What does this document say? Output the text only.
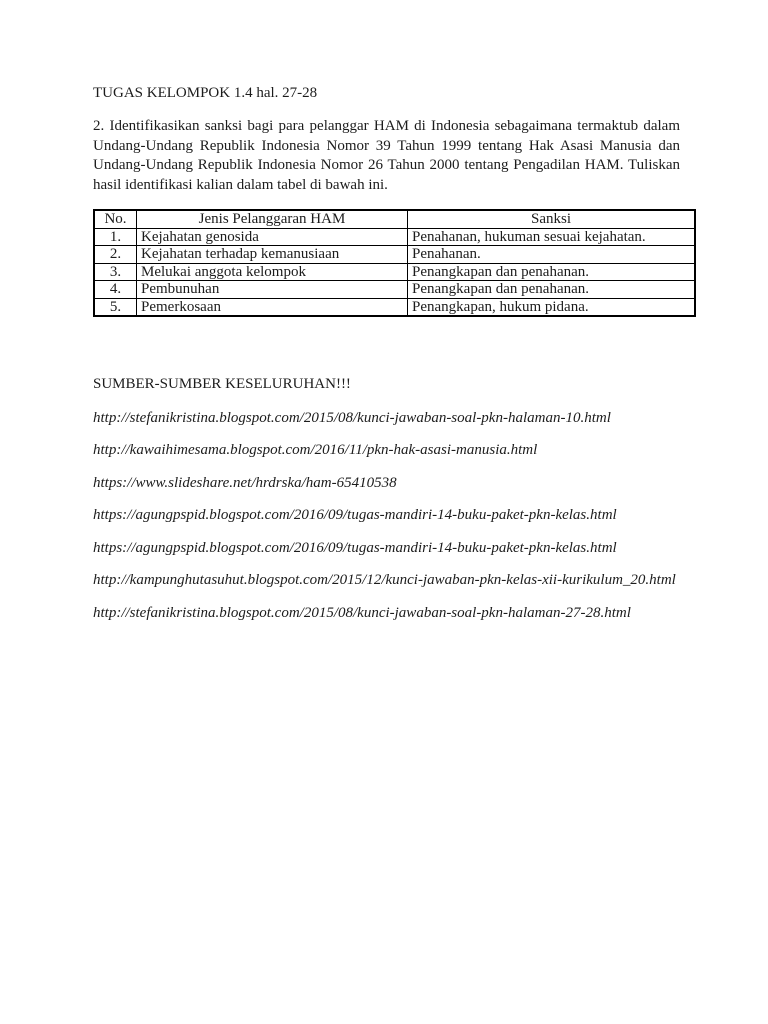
TUGAS KELOMPOK 1.4 hal. 27-28

2. Identifikasikan sanksi bagi para pelanggar HAM di Indonesia sebagaimana termaktub dalam Undang-Undang Republik Indonesia Nomor 39 Tahun 1999 tentang Hak Asasi Manusia dan Undang-Undang Republik Indonesia Nomor 26 Tahun 2000 tentang Pengadilan HAM. Tuliskan hasil identifikasi kalian dalam tabel di bawah ini.

No.	Jenis Pelanggaran HAM	Sanksi
1.	Kejahatan genosida	Penahanan, hukuman sesuai kejahatan.
2.	Kejahatan terhadap kemanusiaan	Penahanan.
3.	Melukai anggota kelompok	Penangkapan dan penahanan.
4.	Pembunuhan	Penangkapan dan penahanan.
5.	Pemerkosaan	Penangkapan, hukum pidana.

SUMBER-SUMBER KESELURUHAN!!!

http://stefanikristina.blogspot.com/2015/08/kunci-jawaban-soal-pkn-halaman-10.html

http://kawaihimesama.blogspot.com/2016/11/pkn-hak-asasi-manusia.html

https://www.slideshare.net/hrdrska/ham-65410538

https://agungpspid.blogspot.com/2016/09/tugas-mandiri-14-buku-paket-pkn-kelas.html

https://agungpspid.blogspot.com/2016/09/tugas-mandiri-14-buku-paket-pkn-kelas.html

http://kampunghutasuhut.blogspot.com/2015/12/kunci-jawaban-pkn-kelas-xii-kurikulum_20.html

http://stefanikristina.blogspot.com/2015/08/kunci-jawaban-soal-pkn-halaman-27-28.html
